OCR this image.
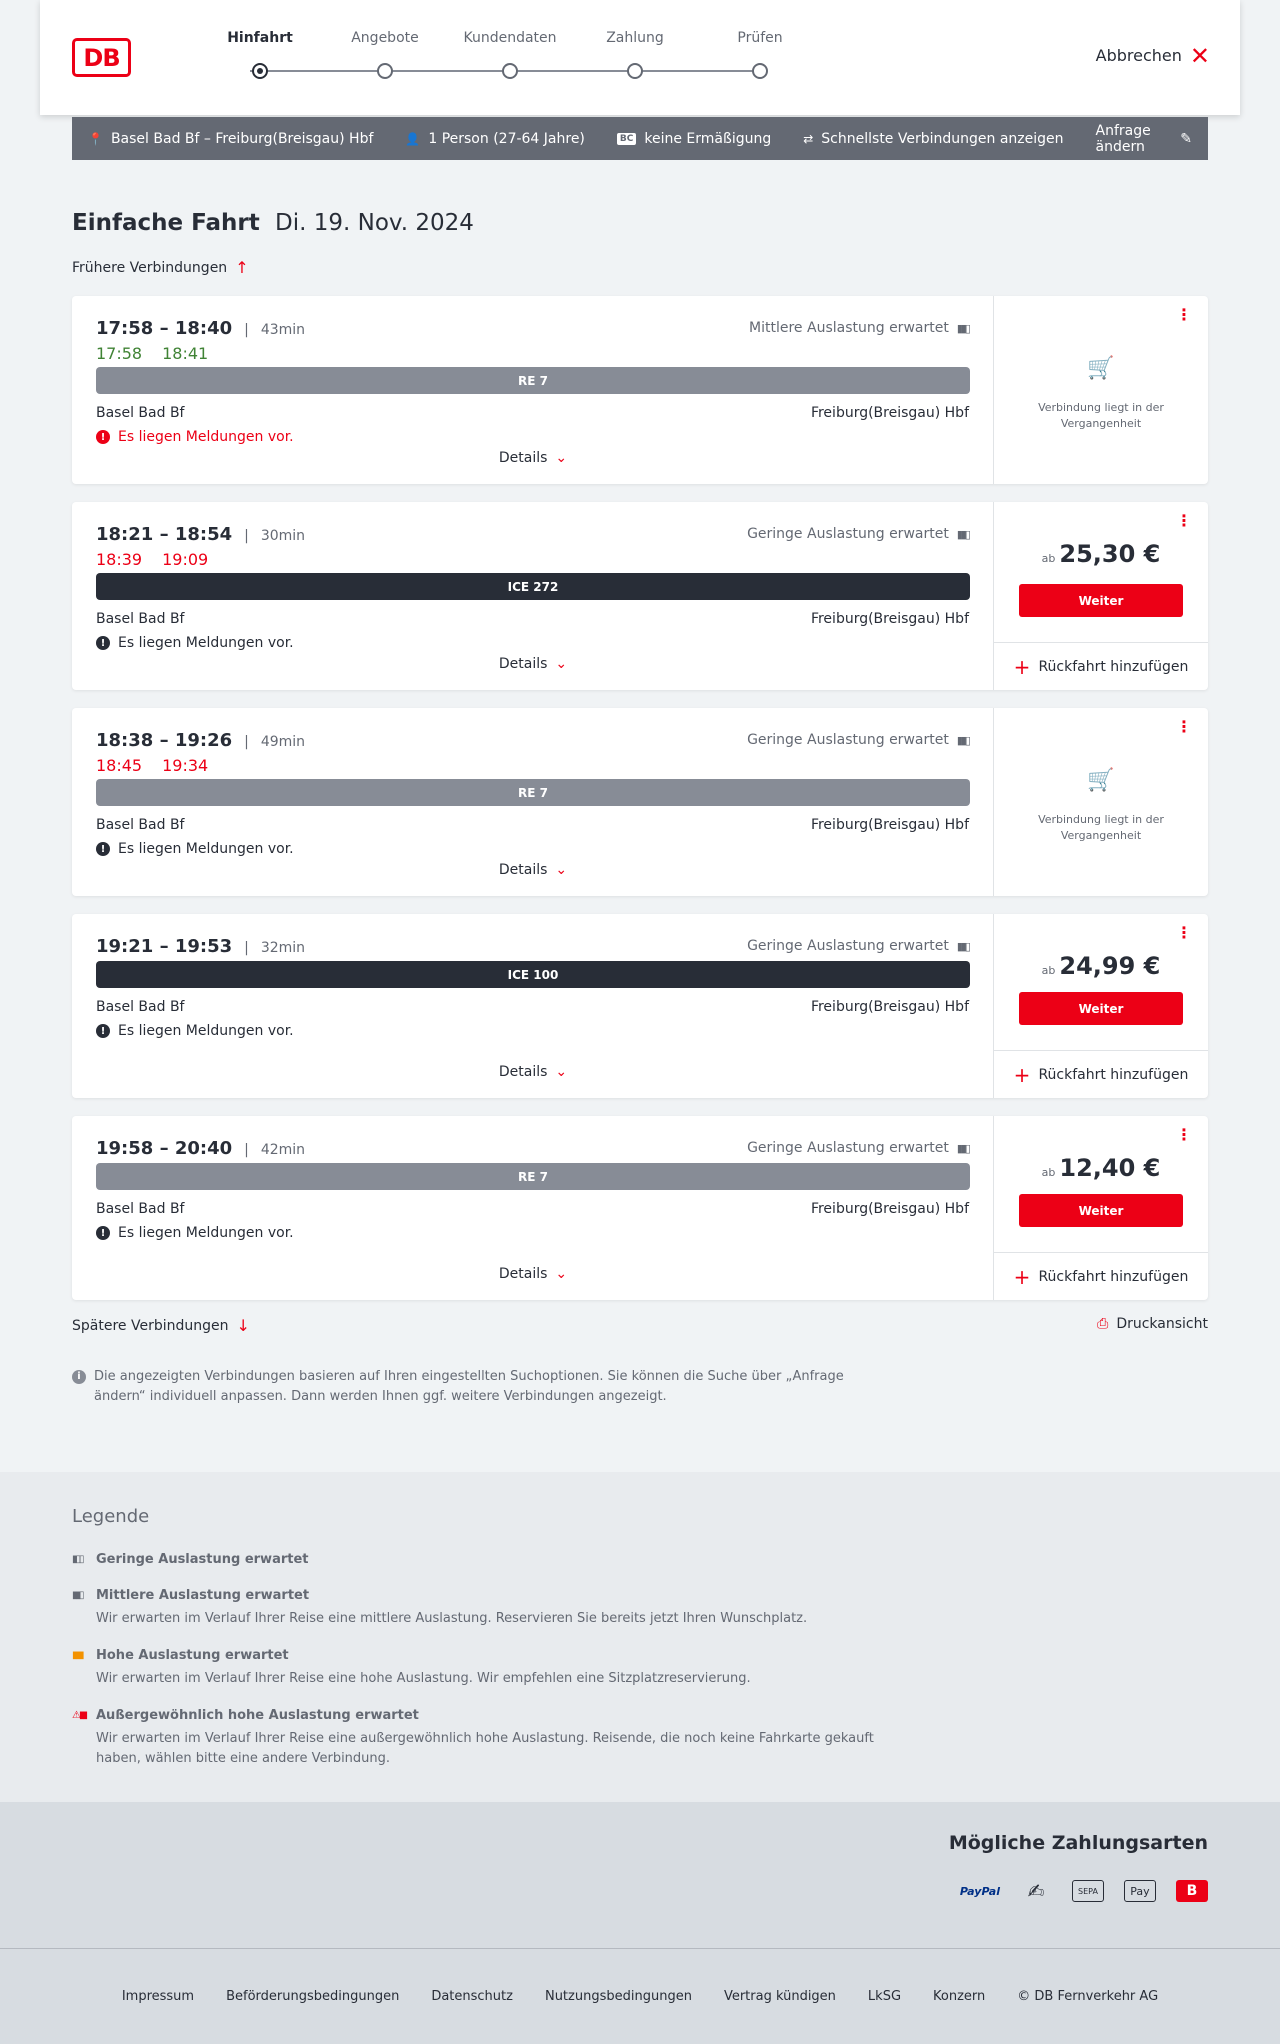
DB
Hinfahrt	Angebote	Kundendaten	Zahlung	Prüfen
Abbrechen ✕
📍 Basel Bad Bf – Freiburg(Breisgau) Hbf	👤 1 Person (27-64 Jahre)	BC keine Ermäßigung	⇄ Schnellste Verbindungen anzeigen Anfrage ändern	✎
Einfache Fahrt Di. 19. Nov. 2024
Frühere Verbindungen ↑
17:58 – 18:40 | 43min
17:58 18:41
Mittlere Auslastung erwartet ▮▮▯
RE 7
Basel Bad Bf	Freiburg(Breisgau) Hbf
! Es liegen Meldungen vor.
Details ⌄
⋮
🛒
Verbindung liegt in der Vergangenheit
18:21 – 18:54 | 30min
18:39 19:09
Geringe Auslastung erwartet ▮▮▯
ICE 272
Basel Bad Bf	Freiburg(Breisgau) Hbf
! Es liegen Meldungen vor.
Details ⌄
⋮
ab 25,30 €
Weiter
+ Rückfahrt hinzufügen
18:38 – 19:26 | 49min
18:45 19:34
Geringe Auslastung erwartet ▮▮▯
RE 7
Basel Bad Bf	Freiburg(Breisgau) Hbf
! Es liegen Meldungen vor.
Details ⌄
⋮
🛒
Verbindung liegt in der Vergangenheit
19:21 – 19:53 | 32min	Geringe Auslastung erwartet ▮▮▯
ICE 100
Basel Bad Bf	Freiburg(Breisgau) Hbf
! Es liegen Meldungen vor.
Details ⌄
⋮
ab 24,99 €
Weiter
+ Rückfahrt hinzufügen
19:58 – 20:40 | 42min	Geringe Auslastung erwartet ▮▮▯
RE 7
Basel Bad Bf	Freiburg(Breisgau) Hbf
! Es liegen Meldungen vor.
Details ⌄
⋮
ab 12,40 €
Weiter
+ Rückfahrt hinzufügen
Spätere Verbindungen ↓	⎙ Druckansicht
i	Die angezeigten Verbindungen basieren auf Ihren eingestellten Suchoptionen. Sie können die Suche über „Anfrage ändern“ individuell anpassen. Dann werden Ihnen ggf. weitere Verbindungen angezeigt.
Legende
▮▯▯	Geringe Auslastung erwartet
▮▮▯	Mittlere Auslastung erwartet
Wir erwarten im Verlauf Ihrer Reise eine mittlere Auslastung. Reservieren Sie bereits jetzt Ihren Wunschplatz.
▮▮▮	Hohe Auslastung erwartet
Wir erwarten im Verlauf Ihrer Reise eine hohe Auslastung. Wir empfehlen eine Sitzplatzreservierung.
⚠▮▮ Außergewöhnlich hohe Auslastung erwartet
Wir erwarten im Verlauf Ihrer Reise eine außergewöhnlich hohe Auslastung. Reisende, die noch keine Fahrkarte gekauft haben, wählen bitte eine andere Verbindung.
Mögliche Zahlungsarten
PayPal	✍	SEPA	Pay	B
Impressum Beförderungsbedingungen Datenschutz Nutzungsbedingungen Vertrag kündigen LkSG Konzern © DB Fernverkehr AG
